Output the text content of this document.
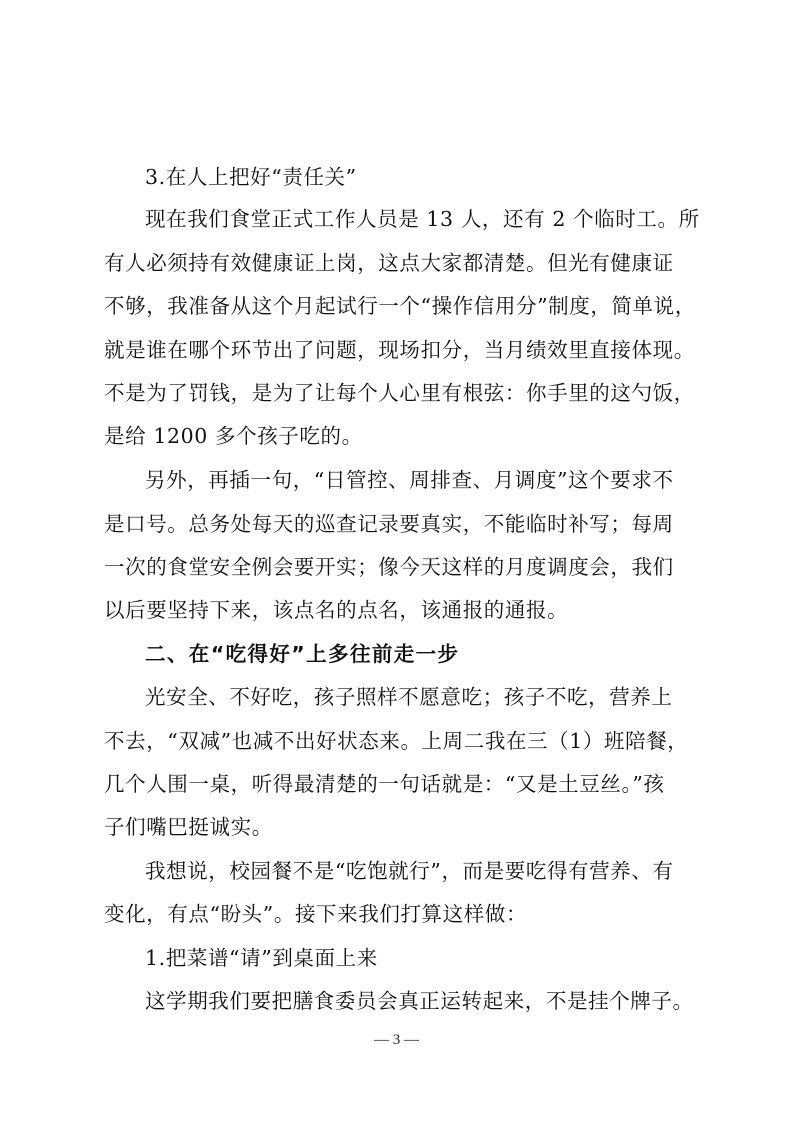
3.在人上把好“责任关”
现在我们食堂正式工作人员是 13 人，还有 2 个临时工。所
有人必须持有效健康证上岗，这点大家都清楚。但光有健康证
不够，我准备从这个月起试行一个“操作信用分”制度，简单说，
就是谁在哪个环节出了问题，现场扣分，当月绩效里直接体现。
不是为了罚钱，是为了让每个人心里有根弦：你手里的这勺饭，
是给 1200 多个孩子吃的。
另外，再插一句，“日管控、周排查、月调度”这个要求不
是口号。总务处每天的巡查记录要真实，不能临时补写；每周
一次的食堂安全例会要开实；像今天这样的月度调度会，我们
以后要坚持下来，该点名的点名，该通报的通报。
二、在“吃得好”上多往前走一步
光安全、不好吃，孩子照样不愿意吃；孩子不吃，营养上
不去，“双减”也减不出好状态来。上周二我在三（1）班陪餐，
几个人围一桌，听得最清楚的一句话就是：“又是土豆丝。”孩
子们嘴巴挺诚实。
我想说，校园餐不是“吃饱就行”，而是要吃得有营养、有
变化，有点“盼头”。接下来我们打算这样做：
1.把菜谱“请”到桌面上来
这学期我们要把膳食委员会真正运转起来，不是挂个牌子。
— 3 —
